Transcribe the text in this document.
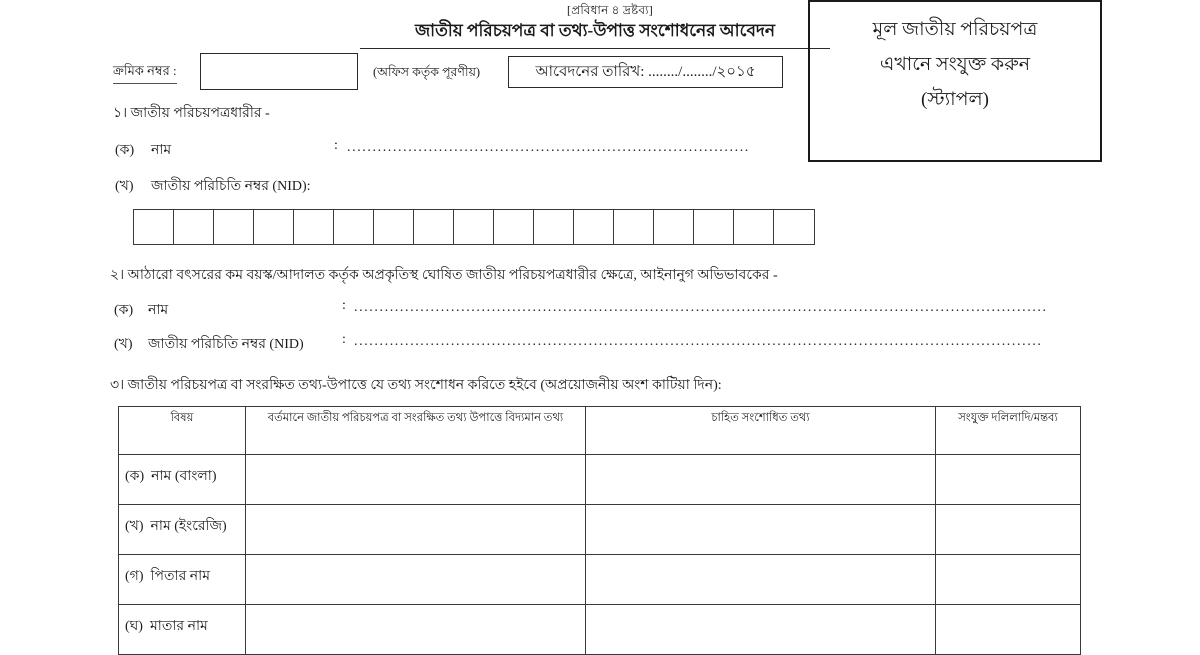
[প্রবিধান ৪ দ্রষ্টব্য]
জাতীয় পরিচয়পত্র বা তথ্য-উপাত্ত সংশোধনের আবেদন	মূল জাতীয় পরিচয়পত্র
এখানে সংযুক্ত করুন
(স্ট্যাপল)
ক্রমিক নম্বর :	(অফিস কর্তৃক পূরণীয়)	আবেদনের তারিখ: ......../......../২০১৫
১। জাতীয় পরিচয়পত্রধারীর -
(ক) নাম	: ...............................................................................
(খ) জাতীয় পরিচিতি নম্বর (NID):
২। আঠারো বৎসরের কম বয়স্ক/আদালত কর্তৃক অপ্রকৃতিস্থ ঘোষিত জাতীয় পরিচয়পত্রধারীর ক্ষেত্রে, আইনানুগ অভিভাবকের -
(ক) নাম	: ........................................................................................................................................
(খ) জাতীয় পরিচিতি নম্বর (NID)	: .......................................................................................................................................
৩। জাতীয় পরিচয়পত্র বা সংরক্ষিত তথ্য-উপাত্তে যে তথ্য সংশোধন করিতে হইবে (অপ্রয়োজনীয় অংশ কাটিয়া দিন):
বিষয়	বর্তমানে জাতীয় পরিচয়পত্র বা সংরক্ষিত তথ্য উপাত্তে বিদ্যমান তথ্য	চাহিত সংশোধিত তথ্য	সংযুক্ত দলিলাদি/মন্তব্য
(ক) নাম (বাংলা)			
(খ) নাম (ইংরেজি)			
(গ) পিতার নাম			
(ঘ) মাতার নাম			
